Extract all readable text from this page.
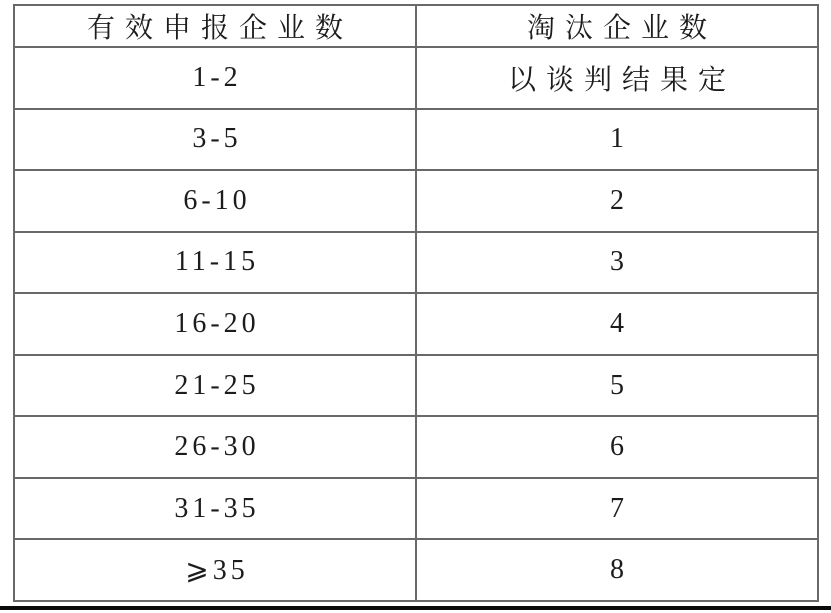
有效申报企业数	淘汰企业数
1-2	以谈判结果定
3-5	1
6-10	2
11-15	3
16-20	4
21-25	5
26-30	6
31-35	7
⩾35	8
